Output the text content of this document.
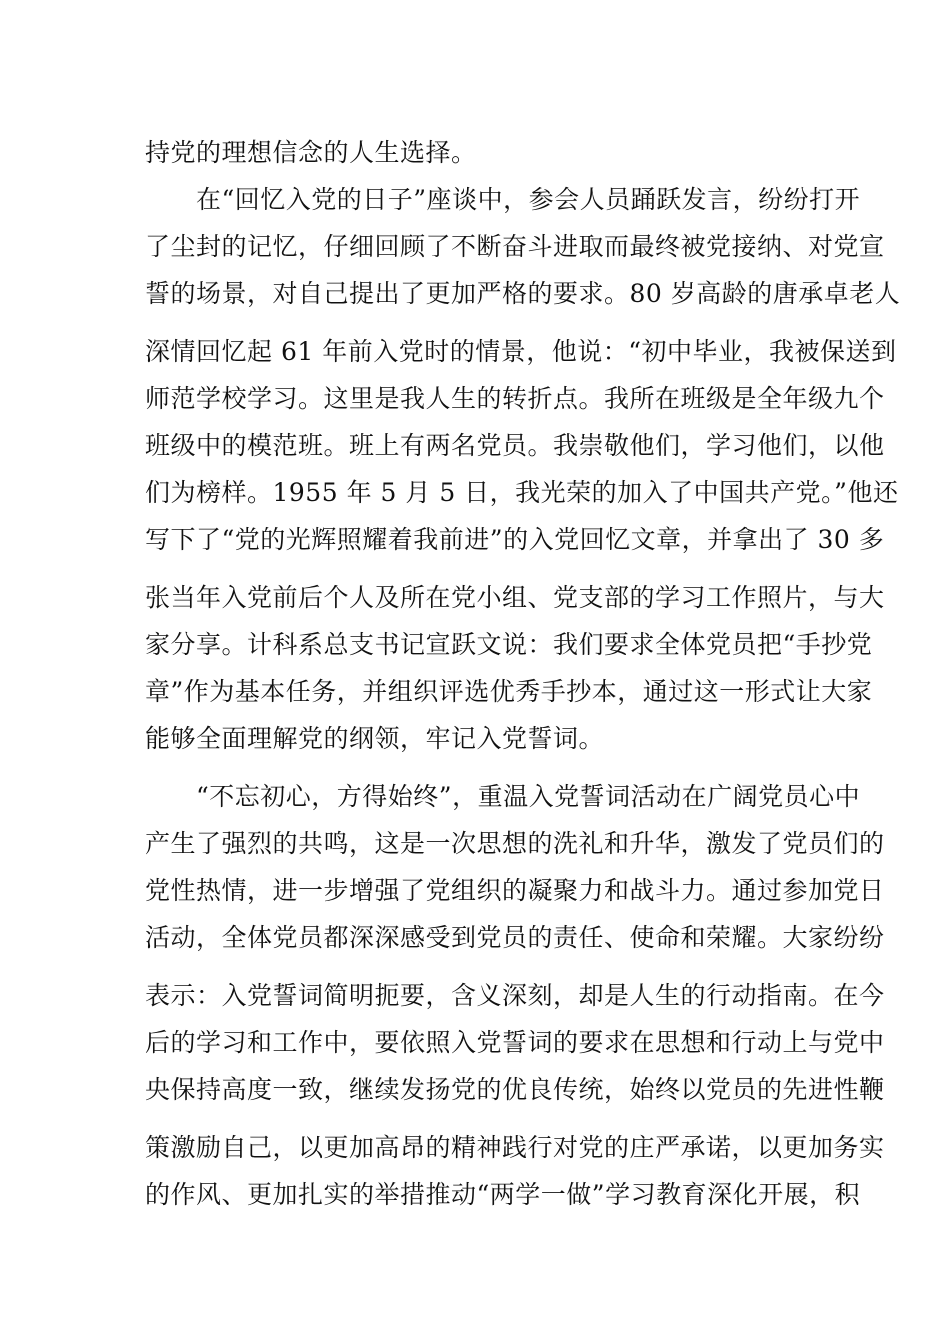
持党的理想信念的人生选择。
　　在“回忆入党的日子”座谈中，参会人员踊跃发言，纷纷打开
了尘封的记忆，仔细回顾了不断奋斗进取而最终被党接纳、对党宣
誓的场景，对自己提出了更加严格的要求。80 岁高龄的唐承卓老人
深情回忆起 61 年前入党时的情景，他说：“初中毕业，我被保送到
师范学校学习。这里是我人生的转折点。我所在班级是全年级九个
班级中的模范班。班上有两名党员。我崇敬他们，学习他们，以他
们为榜样。1955 年 5 月 5 日，我光荣的加入了中国共产党。”他还
写下了“党的光辉照耀着我前进”的入党回忆文章，并拿出了 30 多
张当年入党前后个人及所在党小组、党支部的学习工作照片，与大
家分享。计科系总支书记宣跃文说：我们要求全体党员把“手抄党
章”作为基本任务，并组织评选优秀手抄本，通过这一形式让大家
能够全面理解党的纲领，牢记入党誓词。
　　“不忘初心，方得始终”，重温入党誓词活动在广阔党员心中
产生了强烈的共鸣，这是一次思想的洗礼和升华，激发了党员们的
党性热情，进一步增强了党组织的凝聚力和战斗力。通过参加党日
活动，全体党员都深深感受到党员的责任、使命和荣耀。大家纷纷
表示：入党誓词简明扼要，含义深刻，却是人生的行动指南。在今
后的学习和工作中，要依照入党誓词的要求在思想和行动上与党中
央保持高度一致，继续发扬党的优良传统，始终以党员的先进性鞭
策激励自己，以更加高昂的精神践行对党的庄严承诺，以更加务实
的作风、更加扎实的举措推动“两学一做”学习教育深化开展，积
